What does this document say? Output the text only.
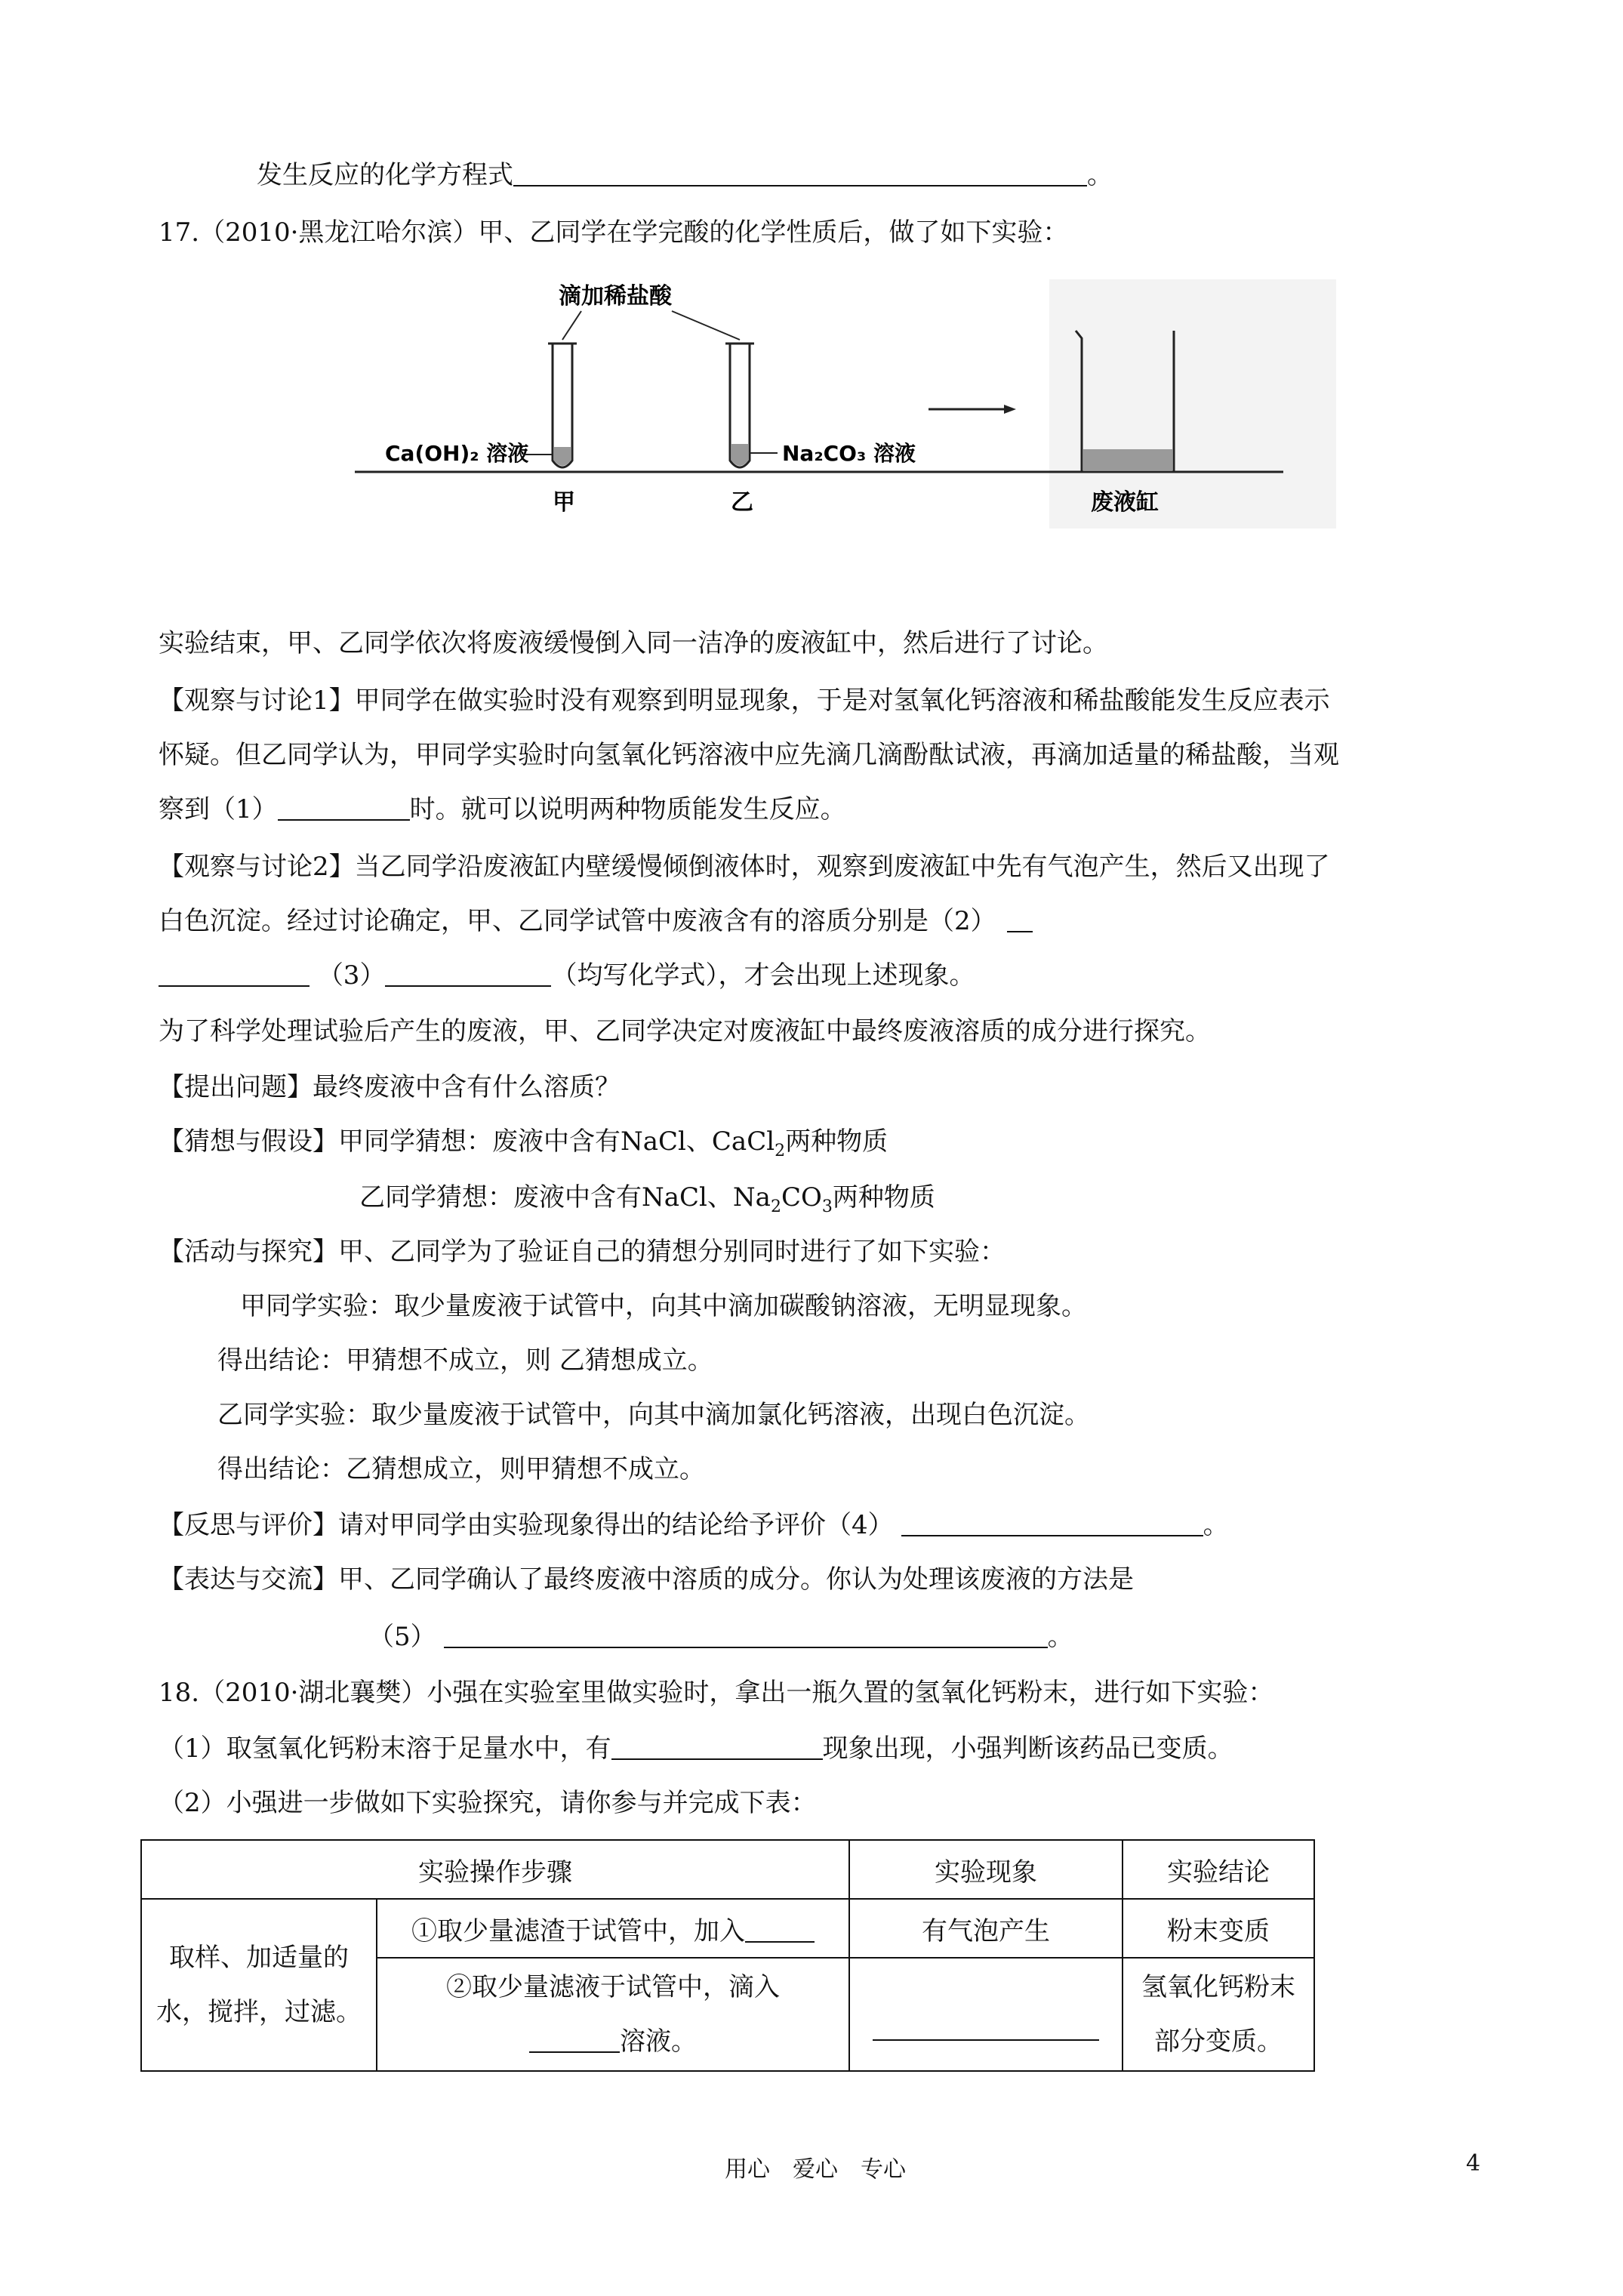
发生反应的化学方程式	。
17.（2010·黑龙江哈尔滨）甲、乙同学在学完酸的化学性质后，做了如下实验：
滴加稀盐酸
Ca(OH)₂ 溶液	Na₂CO₃ 溶液
甲	乙	废液缸
实验结束，甲、乙同学依次将废液缓慢倒入同一洁净的废液缸中，然后进行了讨论。
【观察与讨论1】甲同学在做实验时没有观察到明显现象，于是对氢氧化钙溶液和稀盐酸能发生反应表示
怀疑。但乙同学认为，甲同学实验时向氢氧化钙溶液中应先滴几滴酚酞试液，再滴加适量的稀盐酸，当观
察到（1）	时。就可以说明两种物质能发生反应。
【观察与讨论2】当乙同学沿废液缸内壁缓慢倾倒液体时，观察到废液缸中先有气泡产生，然后又出现了
白色沉淀。经过讨论确定，甲、乙同学试管中废液含有的溶质分别是（2）
（3）	（均写化学式），才会出现上述现象。
为了科学处理试验后产生的废液，甲、乙同学决定对废液缸中最终废液溶质的成分进行探究。
【提出问题】最终废液中含有什么溶质？
【猜想与假设】甲同学猜想：废液中含有NaCl、CaCl$_2$两种物质
乙同学猜想：废液中含有NaCl、$Na_2CO_3$两种物质
【活动与探究】甲、乙同学为了验证自己的猜想分别同时进行了如下实验：
甲同学实验：取少量废液于试管中，向其中滴加碳酸钠溶液，无明显现象。
得出结论：甲猜想不成立，则 乙猜想成立。
乙同学实验：取少量废液于试管中，向其中滴加氯化钙溶液，出现白色沉淀。
得出结论：乙猜想成立，则甲猜想不成立。
【反思与评价】请对甲同学由实验现象得出的结论给予评价（4）	。
【表达与交流】甲、乙同学确认了最终废液中溶质的成分。你认为处理该废液的方法是
（5）	。
18.（2010·湖北襄樊）小强在实验室里做实验时，拿出一瓶久置的氢氧化钙粉末，进行如下实验：
（1）取氢氧化钙粉末溶于足量水中，有	现象出现，小强判断该药品已变质。
（2）小强进一步做如下实验探究，请你参与并完成下表：
实验操作步骤		实验现象	实验结论
取样、加适量的水，搅拌，过滤。	①取少量滤渣于试管中，加入	有气泡产生	粉末变质

	②取少量滤液于试管中，滴入
溶液。		氢氧化钙粉末部分变质。
用心　爱心　专心	4
